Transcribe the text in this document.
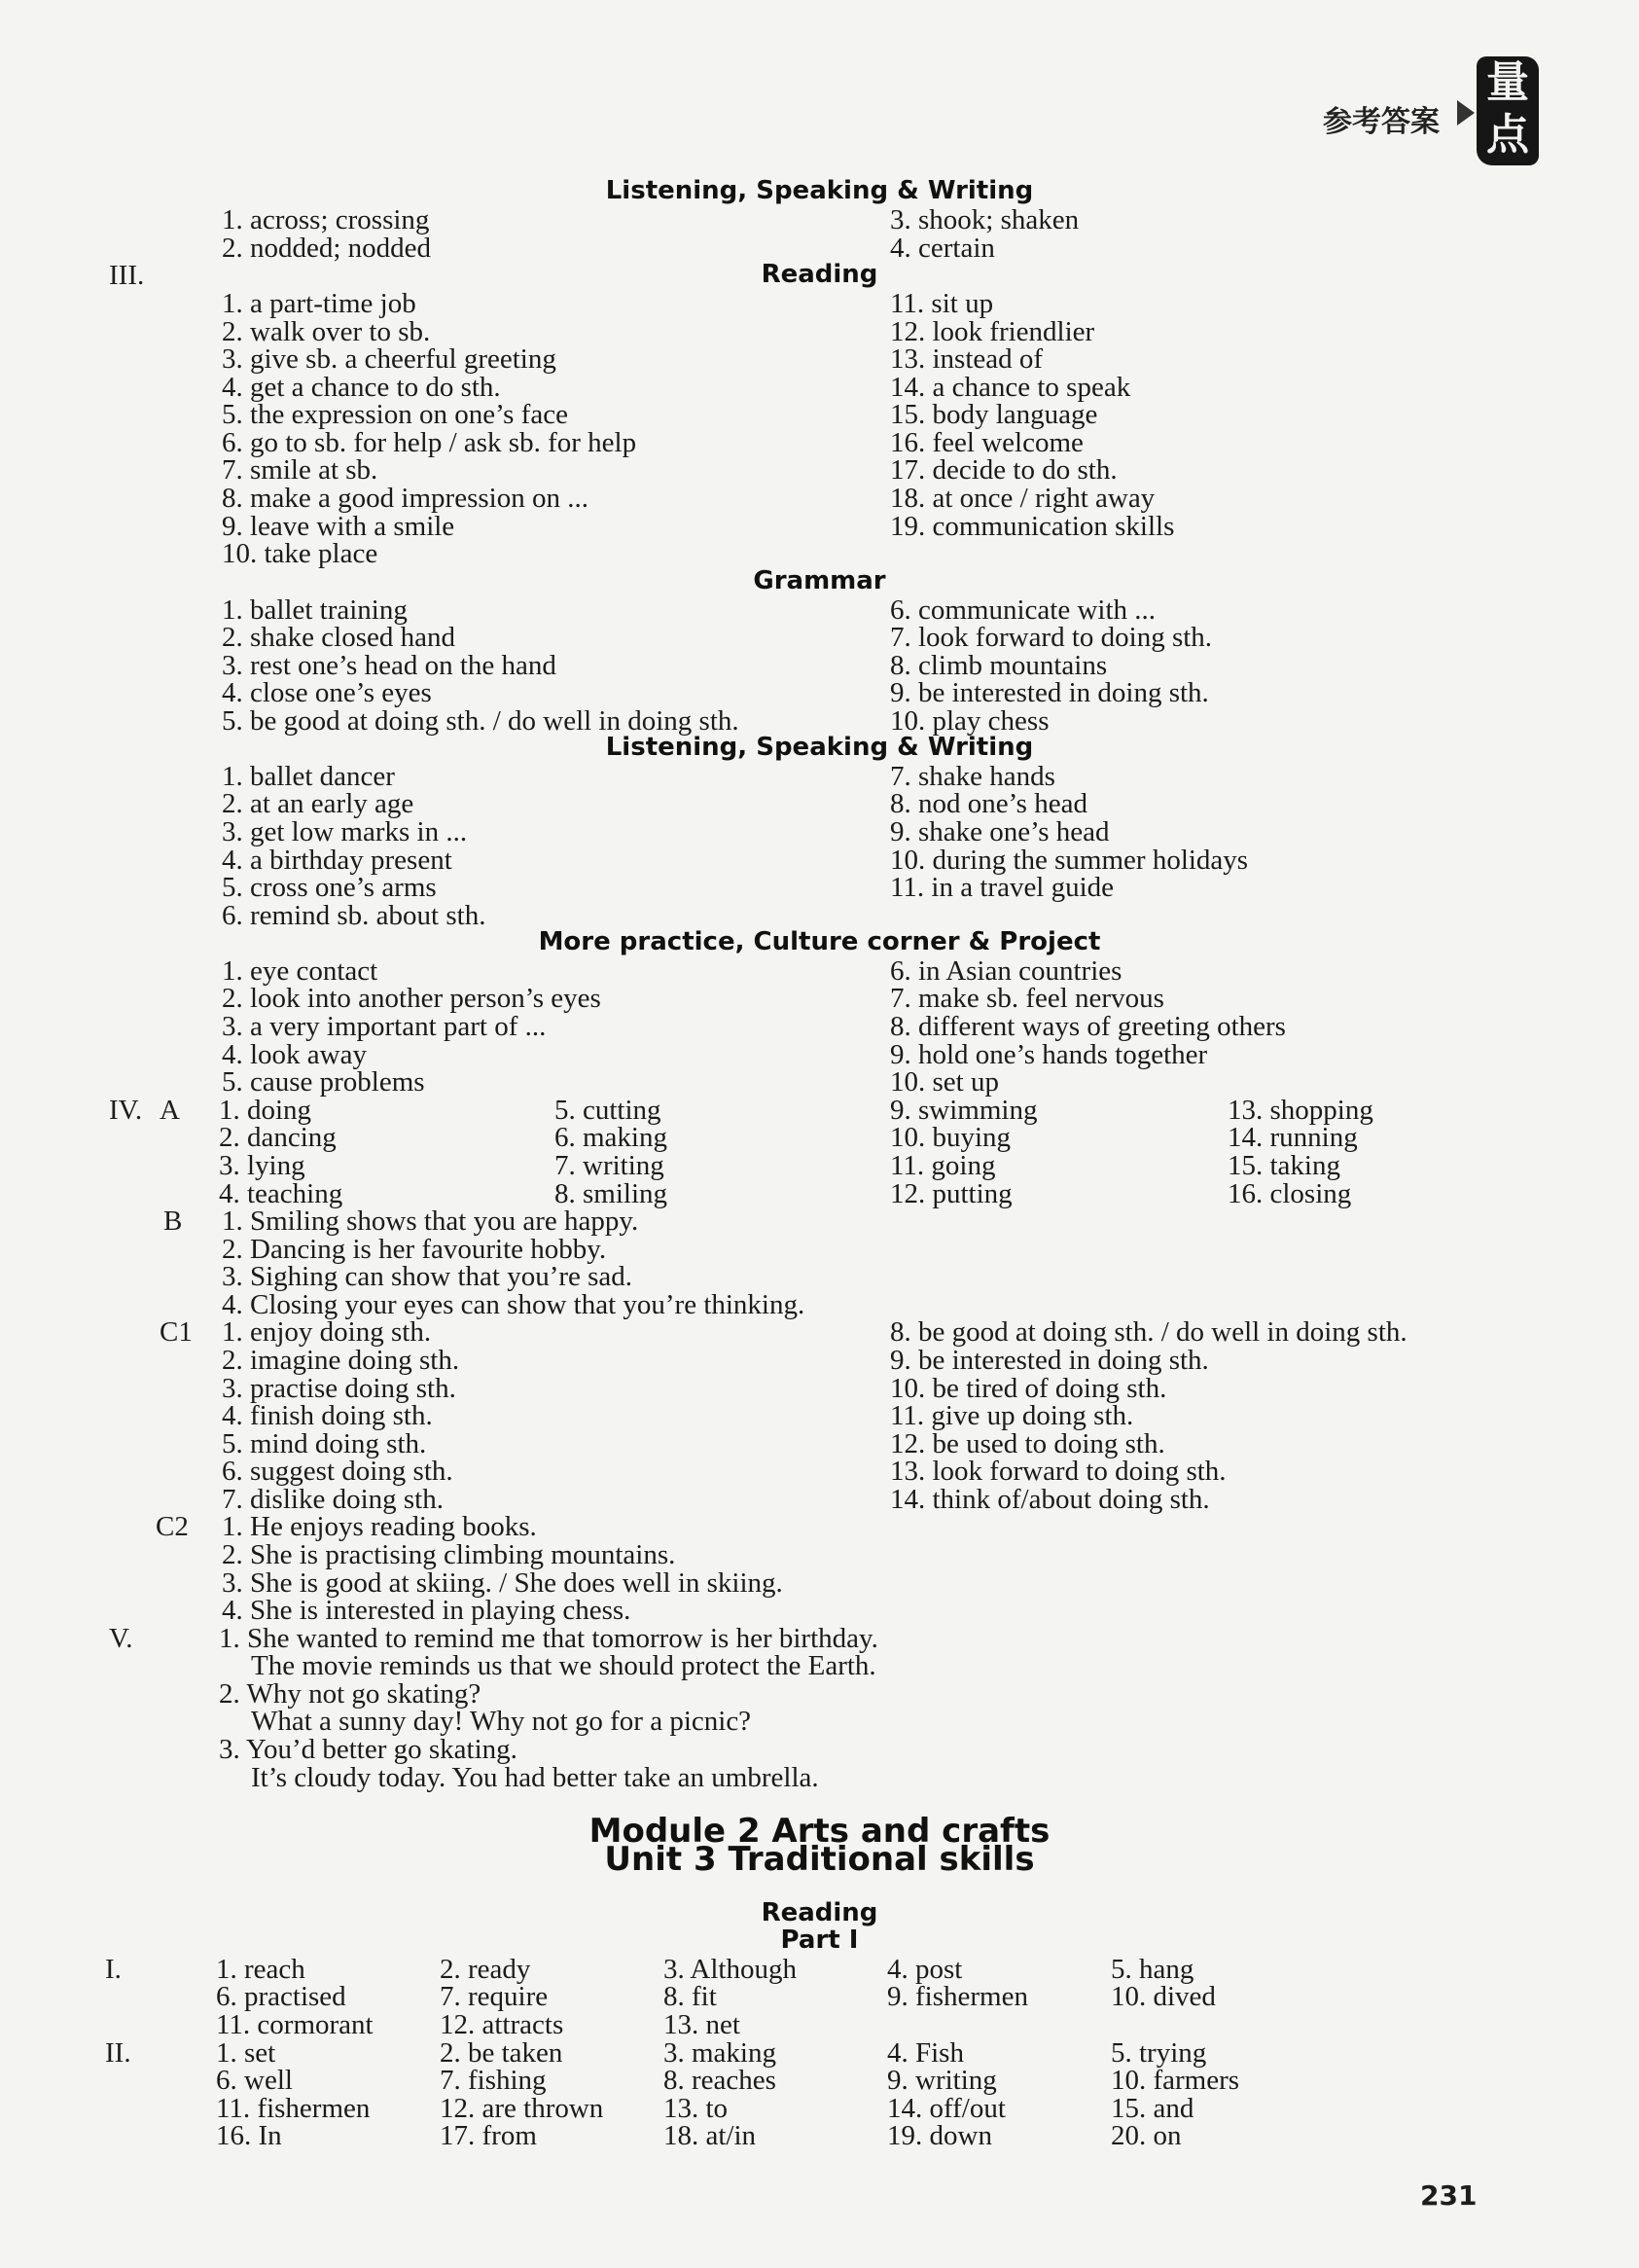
参考答案
量
点
Listening, Speaking & Writing
1. across; crossing
2. nodded; nodded
3. shook; shaken
4. certain
III.	Reading
1. a part-time job
2. walk over to sb.
3. give sb. a cheerful greeting
4. get a chance to do sth.
5. the expression on one’s face
6. go to sb. for help / ask sb. for help
7. smile at sb.
8. make a good impression on ...
9. leave with a smile
10. take place
11. sit up
12. look friendlier
13. instead of
14. a chance to speak
15. body language
16. feel welcome
17. decide to do sth.
18. at once / right away
19. communication skills
Grammar
1. ballet training
2. shake closed hand
3. rest one’s head on the hand
4. close one’s eyes
5. be good at doing sth. / do well in doing sth.
6. communicate with ...
7. look forward to doing sth.
8. climb mountains
9. be interested in doing sth.
10. play chess
Listening, Speaking & Writing
1. ballet dancer
2. at an early age
3. get low marks in ...
4. a birthday present
5. cross one’s arms
6. remind sb. about sth.
7. shake hands
8. nod one’s head
9. shake one’s head
10. during the summer holidays
11. in a travel guide
More practice, Culture corner & Project
1. eye contact
2. look into another person’s eyes
3. a very important part of ...
4. look away
5. cause problems
6. in Asian countries
7. make sb. feel nervous
8. different ways of greeting others
9. hold one’s hands together
10. set up
IV. A 1. doing
2. dancing
3. lying
4. teaching
5. cutting
6. making
7. writing
8. smiling
9. swimming
10. buying
11. going
12. putting
13. shopping
14. running
15. taking
16. closing
B 1. Smiling shows that you are happy.
2. Dancing is her favourite hobby.
3. Sighing can show that you’re sad.
4. Closing your eyes can show that you’re thinking.
C1 1. enjoy doing sth.
2. imagine doing sth.
3. practise doing sth.
4. finish doing sth.
5. mind doing sth.
6. suggest doing sth.
7. dislike doing sth.
8. be good at doing sth. / do well in doing sth.
9. be interested in doing sth.
10. be tired of doing sth.
11. give up doing sth.
12. be used to doing sth.
13. look forward to doing sth.
14. think of/about doing sth.
C2 1. He enjoys reading books.
2. She is practising climbing mountains.
3. She is good at skiing. / She does well in skiing.
4. She is interested in playing chess.
V.	1. She wanted to remind me that tomorrow is her birthday.
The movie reminds us that we should protect the Earth.
2. Why not go skating?
What a sunny day! Why not go for a picnic?
3. You’d better go skating.
It’s cloudy today. You had better take an umbrella.
Module 2 Arts and crafts
Unit 3 Traditional skills
Reading
Part I
I.	1. reach	2. ready	3. Although	4. post	5. hang
6. practised	7. require	8. fit	9. fishermen	10. dived
11. cormorant 12. attracts	13. net
II.	1. set	2. be taken	3. making	4. Fish	5. trying
6. well	7. fishing	8. reaches	9. writing	10. farmers
11. fishermen 12. are thrown 13. to	14. off/out	15. and
16. In	17. from	18. at/in	19. down	20. on
231
